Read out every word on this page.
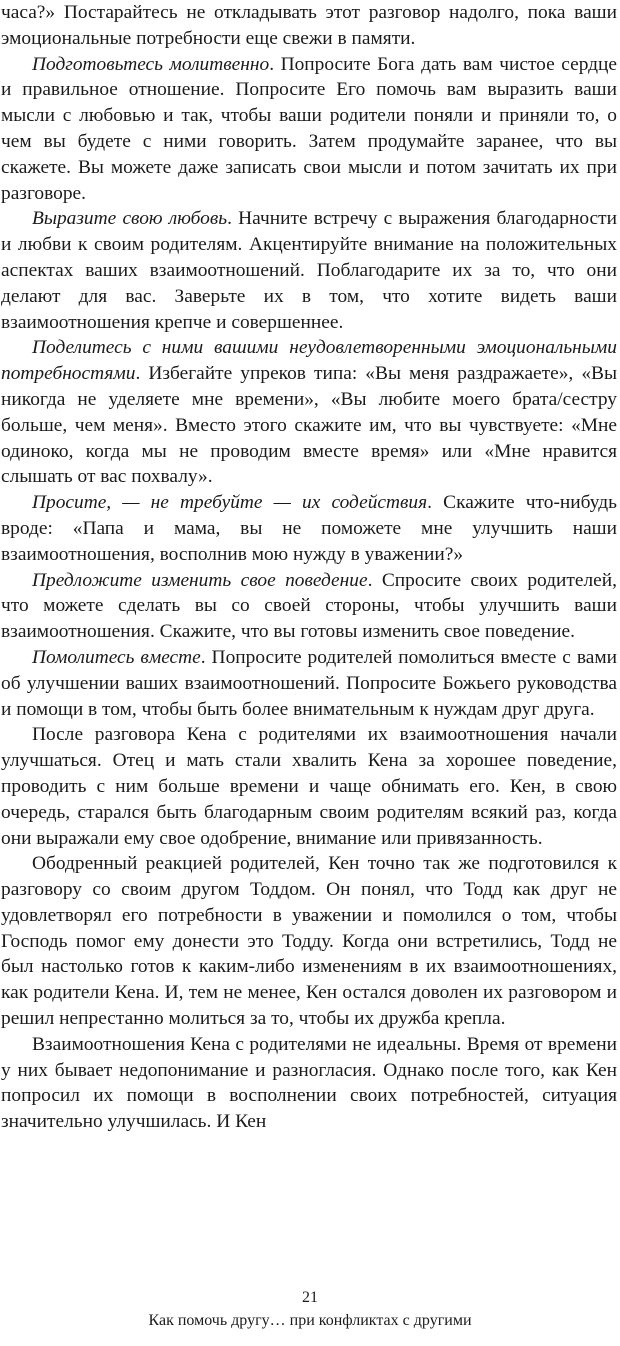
часа?» Постарайтесь не откладывать этот разговор надолго, пока ваши эмоциональные потребности еще свежи в памяти.

Подготовьтесь молитвенно. Попросите Бога дать вам чистое сердце и правильное отношение. Попросите Его помочь вам выразить ваши мысли с любовью и так, чтобы ваши родители поняли и приняли то, о чем вы будете с ними говорить. Затем продумайте заранее, что вы скажете. Вы можете даже записать свои мысли и потом зачитать их при разговоре.

Выразите свою любовь. Начните встречу с выражения благодарности и любви к своим родителям. Акцентируйте внимание на положительных аспектах ваших взаимоотношений. Поблагодарите их за то, что они делают для вас. Заверьте их в том, что хотите видеть ваши взаимоотношения крепче и совершеннее.

Поделитесь с ними вашими неудовлетворенными эмоциональными потребностями. Избегайте упреков типа: «Вы меня раздражаете», «Вы никогда не уделяете мне времени», «Вы любите моего брата/сестру больше, чем меня». Вместо этого скажите им, что вы чувствуете: «Мне одиноко, когда мы не проводим вместе время» или «Мне нравится слышать от вас похвалу».

Просите, — не требуйте — их содействия. Скажите что-нибудь вроде: «Папа и мама, вы не поможете мне улучшить наши взаимоотношения, восполнив мою нужду в уважении?»

Предложите изменить свое поведение. Спросите своих родителей, что можете сделать вы со своей стороны, чтобы улучшить ваши взаимоотношения. Скажите, что вы готовы изменить свое поведение.

Помолитесь вместе. Попросите родителей помолиться вместе с вами об улучшении ваших взаимоотношений. Попросите Божьего руководства и помощи в том, чтобы быть более внимательным к нуждам друг друга.

После разговора Кена с родителями их взаимоотношения начали улучшаться. Отец и мать стали хвалить Кена за хорошее поведение, проводить с ним больше времени и чаще обнимать его. Кен, в свою очередь, старался быть благодарным своим родителям всякий раз, когда они выражали ему свое одобрение, внимание или привязанность.

Ободренный реакцией родителей, Кен точно так же подготовился к разговору со своим другом Тоддом. Он понял, что Тодд как друг не удовлетворял его потребности в уважении и помолился о том, чтобы Господь помог ему донести это Тодду. Когда они встретились, Тодд не был настолько готов к каким-либо изменениям в их взаимоотношениях, как родители Кена. И, тем не менее, Кен остался доволен их разговором и решил непрестанно молиться за то, чтобы их дружба крепла.

Взаимоотношения Кена с родителями не идеальны. Время от времени у них бывает недопонимание и разногласия. Однако после того, как Кен попросил их помощи в восполнении своих потребностей, ситуация значительно улучшилась. И Кен

21
Как помочь другу… при конфликтах с другими
